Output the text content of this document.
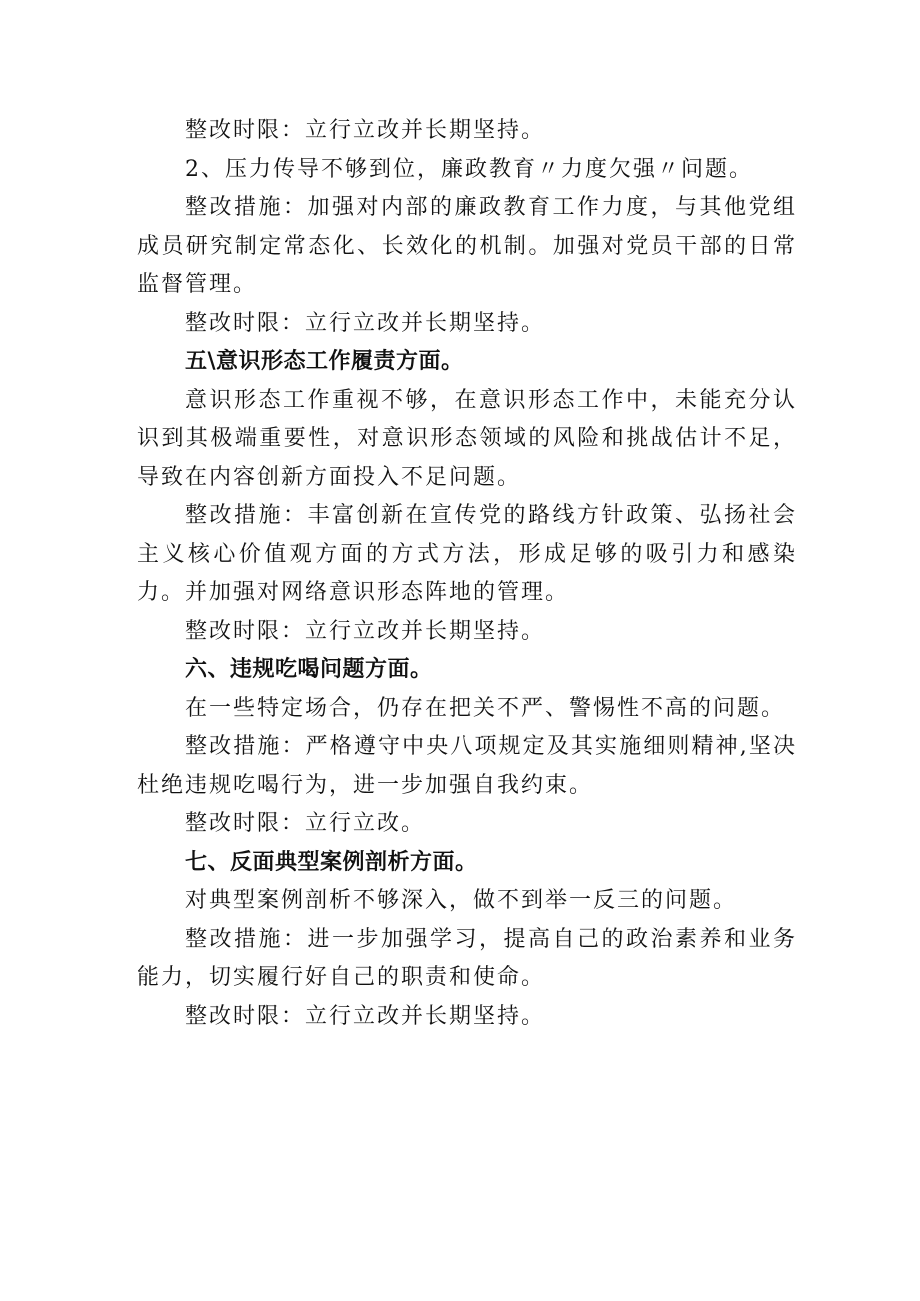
整改时限：立行立改并长期坚持。

2、压力传导不够到位，廉政教育〃力度欠强〃问题。

整改措施：加强对内部的廉政教育工作力度，与其他党组成员研究制定常态化、长效化的机制。加强对党员干部的日常监督管理。

整改时限：立行立改并长期坚持。

五\意识形态工作履责方面。

意识形态工作重视不够，在意识形态工作中，未能充分认识到其极端重要性，对意识形态领域的风险和挑战估计不足，导致在内容创新方面投入不足问题。

整改措施：丰富创新在宣传党的路线方针政策、弘扬社会主义核心价值观方面的方式方法，形成足够的吸引力和感染力。并加强对网络意识形态阵地的管理。

整改时限：立行立改并长期坚持。

六、违规吃喝问题方面。

在一些特定场合，仍存在把关不严、警惕性不高的问题。

整改措施：严格遵守中央八项规定及其实施细则精神,坚决杜绝违规吃喝行为，进一步加强自我约束。

整改时限：立行立改。

七、反面典型案例剖析方面。

对典型案例剖析不够深入，做不到举一反三的问题。

整改措施：进一步加强学习，提高自己的政治素养和业务能力，切实履行好自己的职责和使命。

整改时限：立行立改并长期坚持。
